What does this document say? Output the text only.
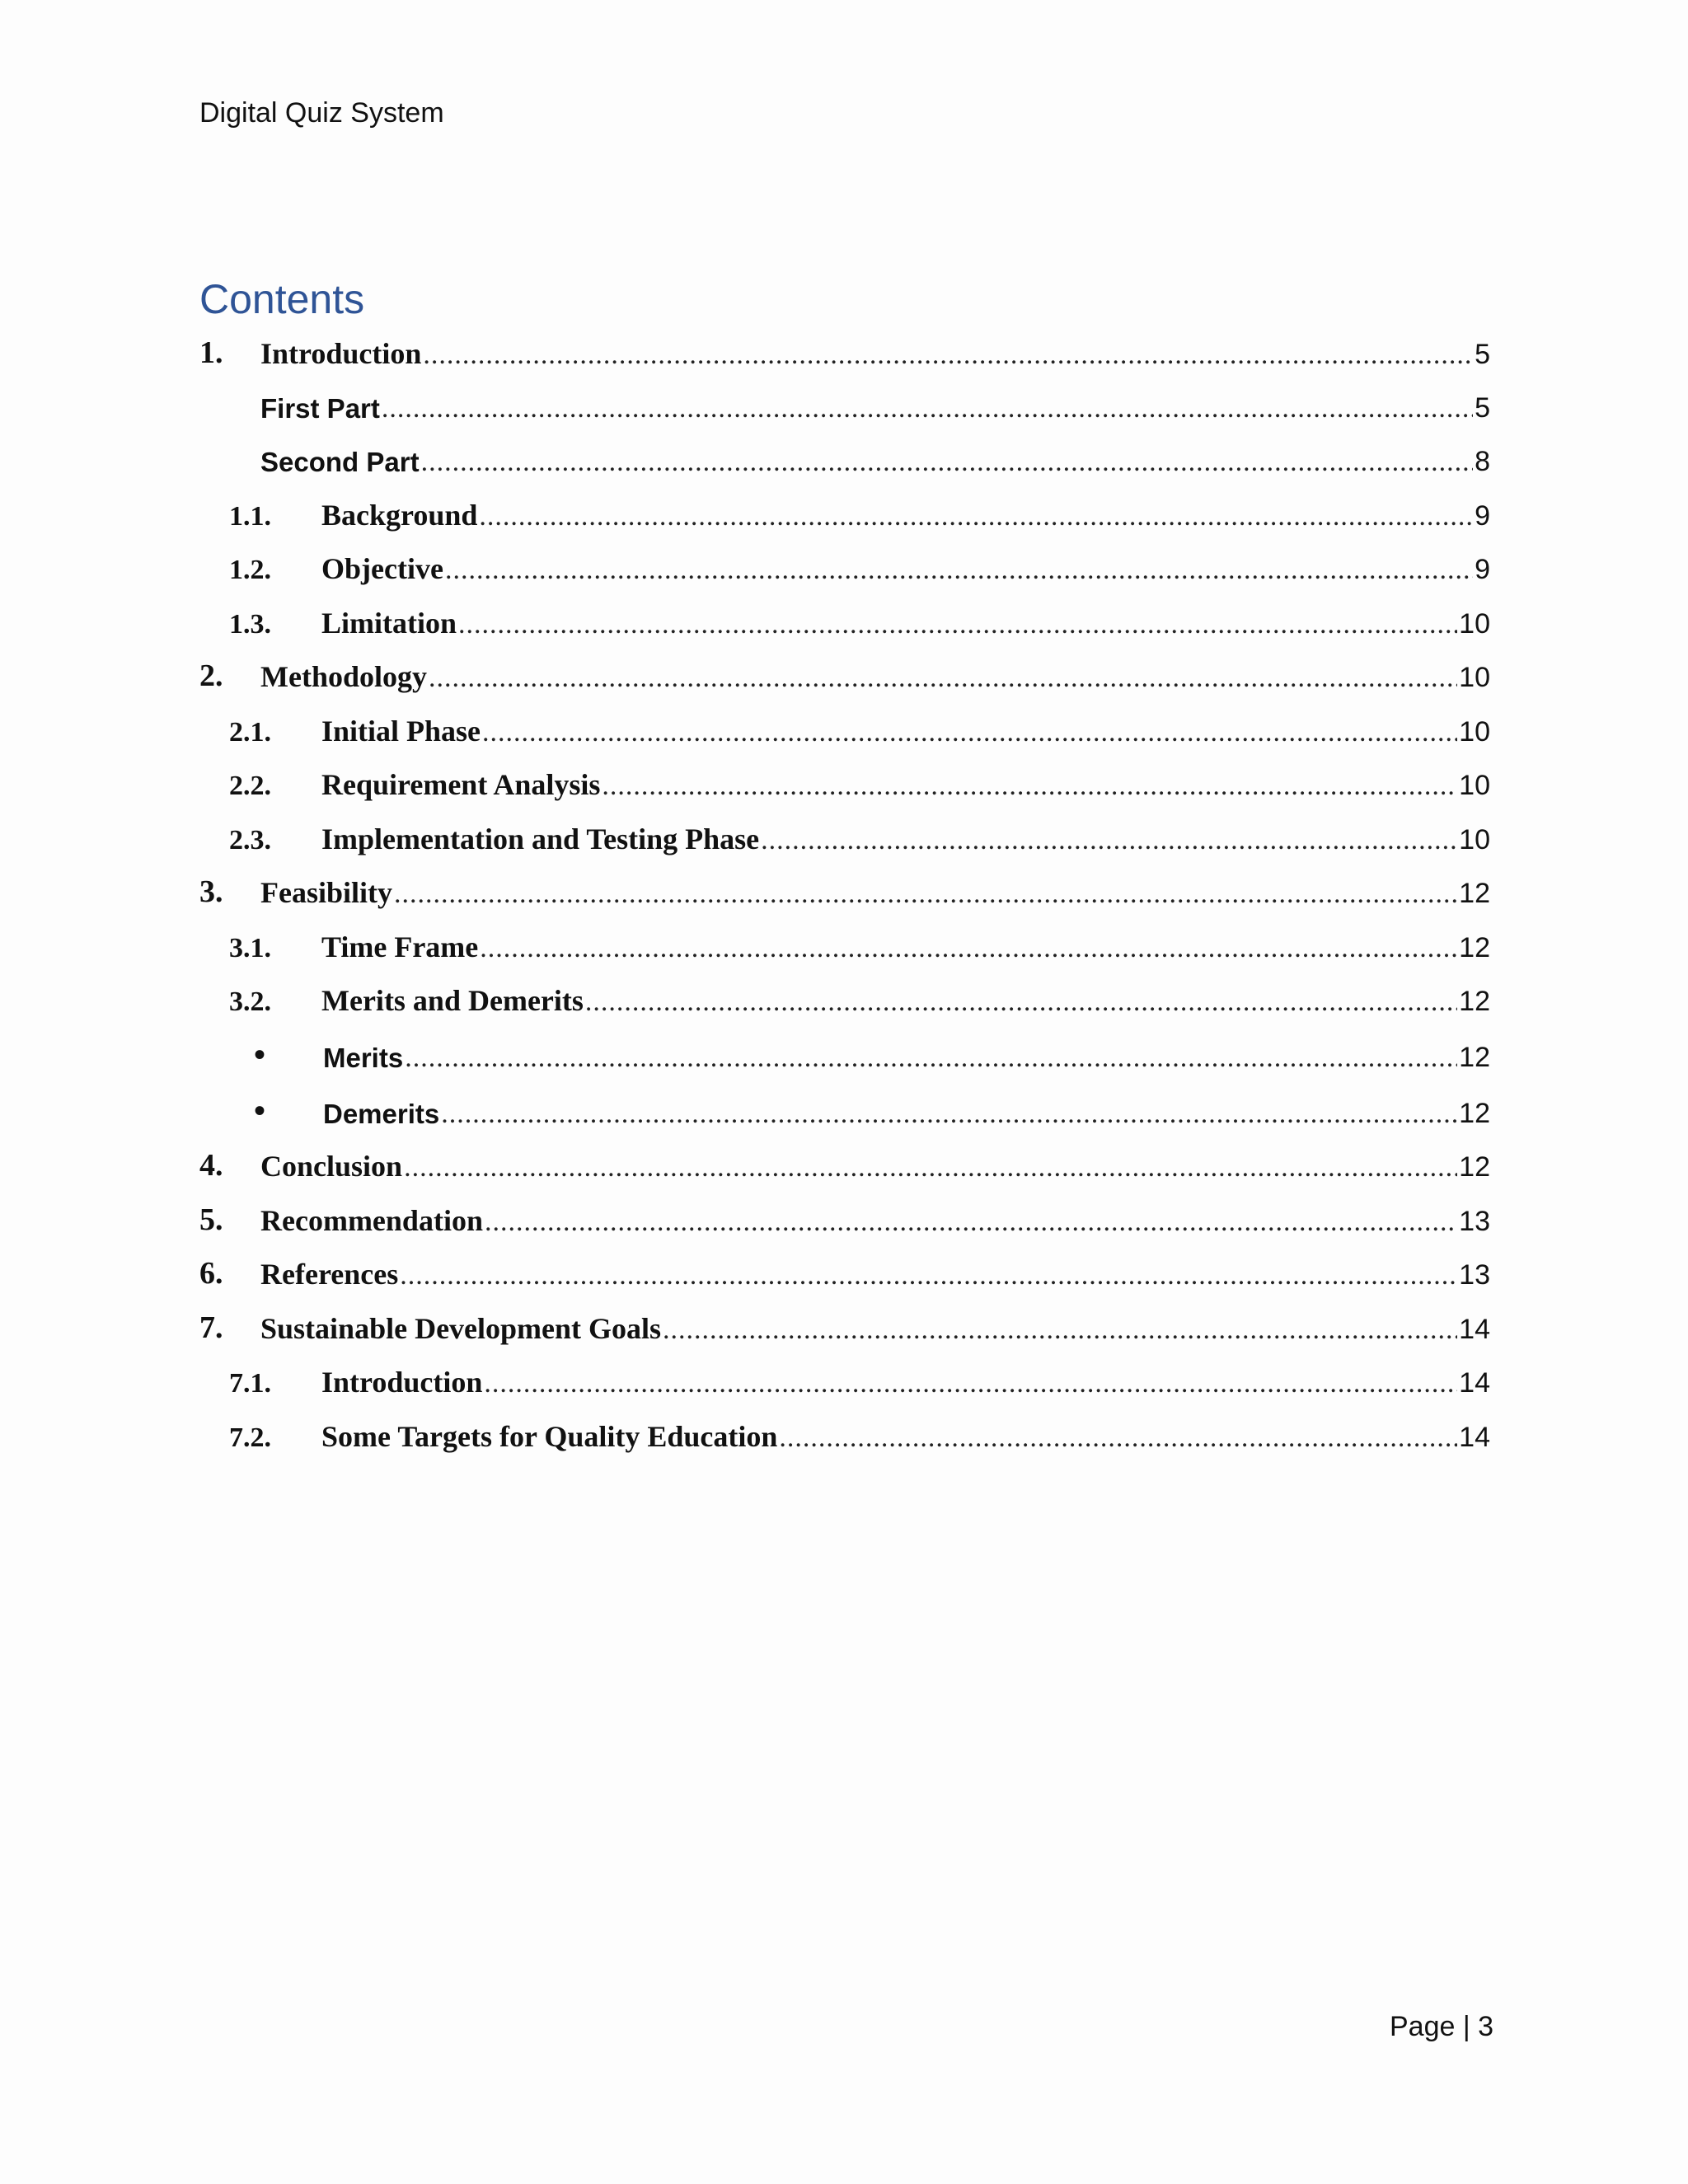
Digital Quiz System
Contents
1.	Introduction .....	5
First Part .....	5
Second Part .....	8
1.1.	Background .....	9
1.2.	Objective .....	9
1.3.	Limitation .....	10
2.	Methodology .....	10
2.1.	Initial Phase .....	10
2.2.	Requirement Analysis .....	10
2.3.	Implementation and Testing Phase .....	10
3.	Feasibility .....	12
3.1.	Time Frame .....	12
3.2.	Merits and Demerits .....	12
•	Merits .....	12
•	Demerits .....	12
4.	Conclusion .....	12
5.	Recommendation .....	13
6.	References .....	13
7.	Sustainable Development Goals .....	14
7.1.	Introduction .....	14
7.2.	Some Targets for Quality Education .....	14
Page | 3
